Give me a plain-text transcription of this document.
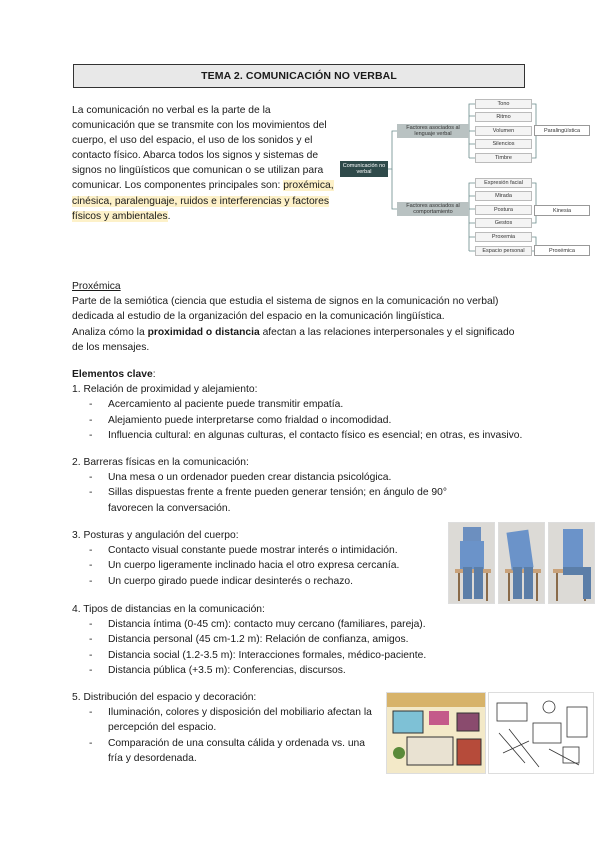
TEMA 2. COMUNICACIÓN NO VERBAL
La comunicación no verbal es la parte de la comunicación que se transmite con los movimientos del cuerpo, el uso del espacio, el uso de los sonidos y el contacto físico. Abarca todos los signos y sistemas de signos no lingüísticos que comunican o se utilizan para comunicar. Los componentes principales son: proxémica, cinésica, paralenguaje, ruidos e interferencias y factores físicos y ambientales.
Comunicación no verbal
Factores asociados al lenguaje verbal
Factores asociados al comportamiento
Tono
Ritmo
Volumen
Silencios
Timbre
Expresión facial
Mirada
Postura
Gestos
Proxemia
Espacio personal
Paralingüística
Kinesia
Proxémica
Proxémica
Parte de la semiótica (ciencia que estudia el sistema de signos en la comunicación no verbal) dedicada al estudio de la organización del espacio en la comunicación lingüística.
Analiza cómo la proximidad o distancia afectan a las relaciones interpersonales y el significado de los mensajes.
Elementos clave:
1. Relación de proximidad y alejamiento:
- Acercamiento al paciente puede transmitir empatía.
- Alejamiento puede interpretarse como frialdad o incomodidad.
- Influencia cultural: en algunas culturas, el contacto físico es esencial; en otras, es invasivo.
2. Barreras físicas en la comunicación:
- Una mesa o un ordenador pueden crear distancia psicológica.
- Sillas dispuestas frente a frente pueden generar tensión; en ángulo de 90° favorecen la conversación.
3. Posturas y angulación del cuerpo:
- Contacto visual constante puede mostrar interés o intimidación.
- Un cuerpo ligeramente inclinado hacia el otro expresa cercanía.
- Un cuerpo girado puede indicar desinterés o rechazo.
4. Tipos de distancias en la comunicación:
- Distancia íntima (0-45 cm): contacto muy cercano (familiares, pareja).
- Distancia personal (45 cm-1.2 m): Relación de confianza, amigos.
- Distancia social (1.2-3.5 m): Interacciones formales, médico-paciente.
- Distancia pública (+3.5 m): Conferencias, discursos.
5. Distribución del espacio y decoración:
- Iluminación, colores y disposición del mobiliario afectan la percepción del espacio.
- Comparación de una consulta cálida y ordenada vs. una fría y desordenada.
